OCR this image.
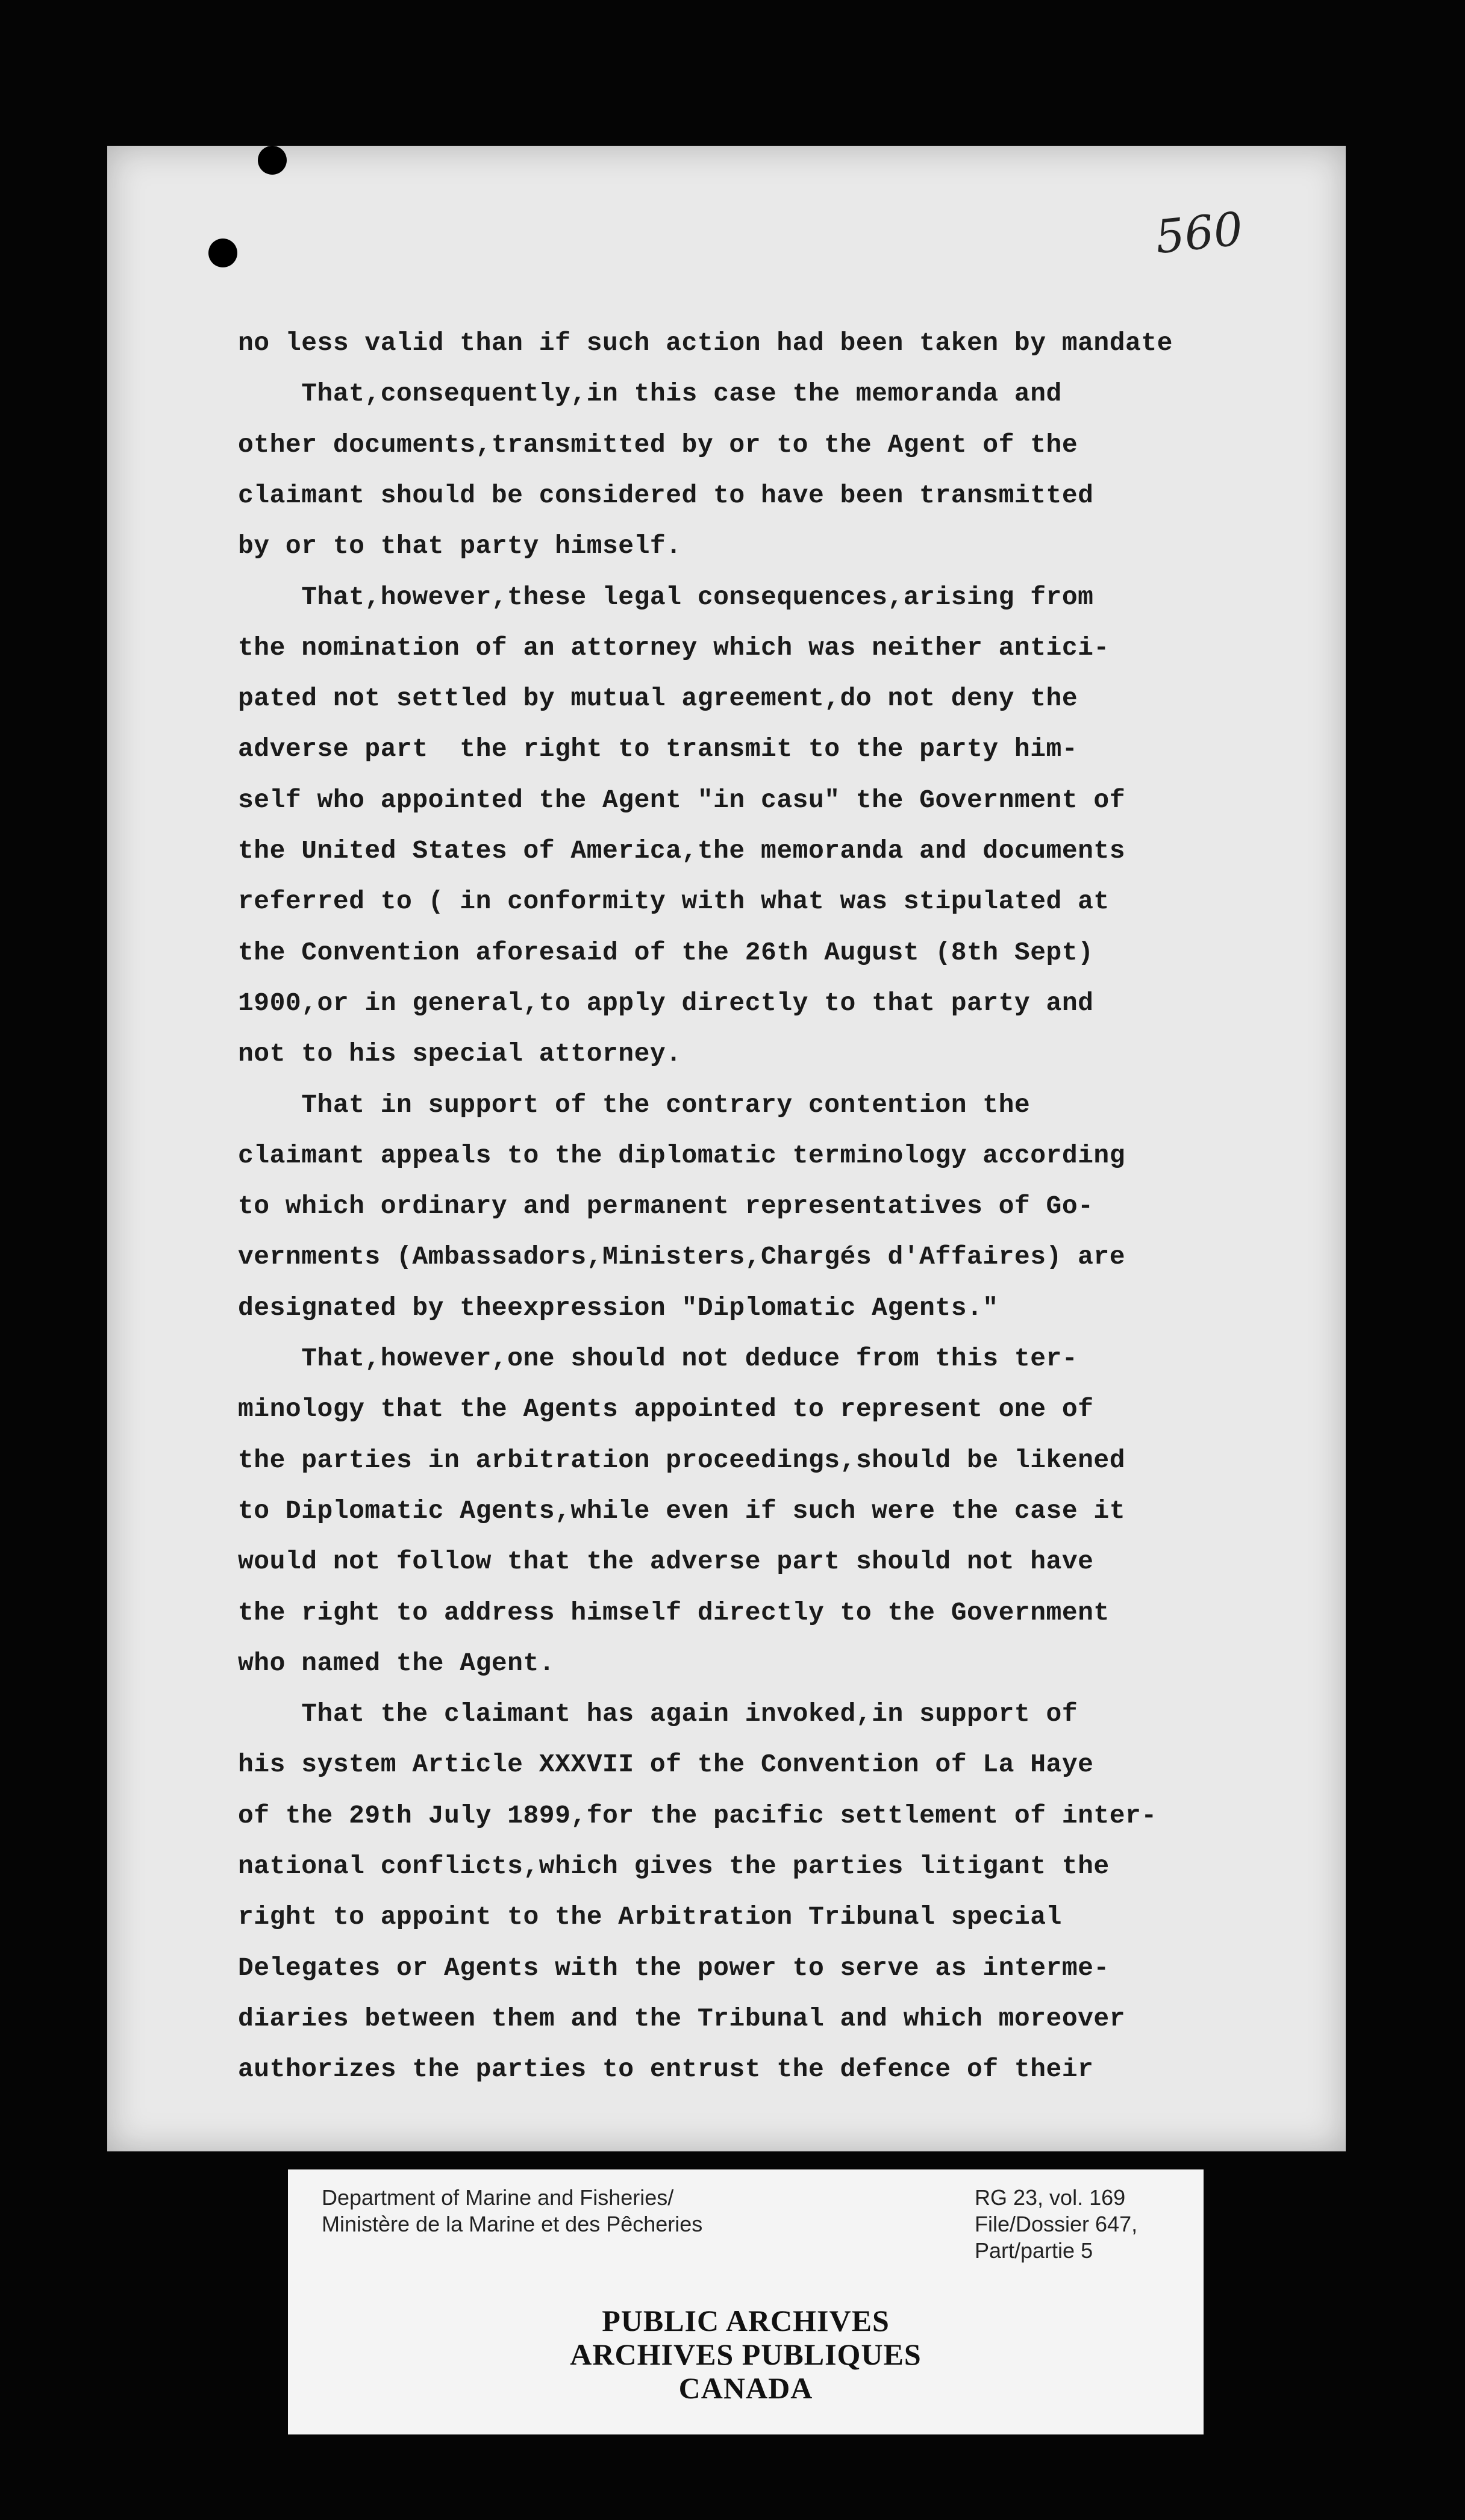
560
no less valid than if such action had been taken by mandate
That,consequently,in this case the memoranda and
other documents,transmitted by or to the Agent of the
claimant should be considered to have been transmitted
by or to that party himself.
That,however,these legal consequences,arising from
the nomination of an attorney which was neither antici-
pated not settled by mutual agreement,do not deny the
adverse part  the right to transmit to the party him-
self who appointed the Agent "in casu" the Government of
the United States of America,the memoranda and documents
referred to ( in conformity with what was stipulated at
the Convention aforesaid of the 26th August (8th Sept)
1900,or in general,to apply directly to that party and
not to his special attorney.
That in support of the contrary contention the
claimant appeals to the diplomatic terminology according
to which ordinary and permanent representatives of Go-
vernments (Ambassadors,Ministers,Chargés d'Affaires) are
designated by theexpression "Diplomatic Agents."
That,however,one should not deduce from this ter-
minology that the Agents appointed to represent one of
the parties in arbitration proceedings,should be likened
to Diplomatic Agents,while even if such were the case it
would not follow that the adverse part should not have
the right to address himself directly to the Government
who named the Agent.
That the claimant has again invoked,in support of
his system Article XXXVII of the Convention of La Haye
of the 29th July 1899,for the pacific settlement of inter-
national conflicts,which gives the parties litigant the
right to appoint to the Arbitration Tribunal special
Delegates or Agents with the power to serve as interme-
diaries between them and the Tribunal and which moreover
authorizes the parties to entrust the defence of their
Department of Marine and Fisheries/
Ministère de la Marine et des Pêcheries
RG 23, vol. 169
File/Dossier 647,
Part/partie 5
PUBLIC ARCHIVES
ARCHIVES PUBLIQUES
CANADA
